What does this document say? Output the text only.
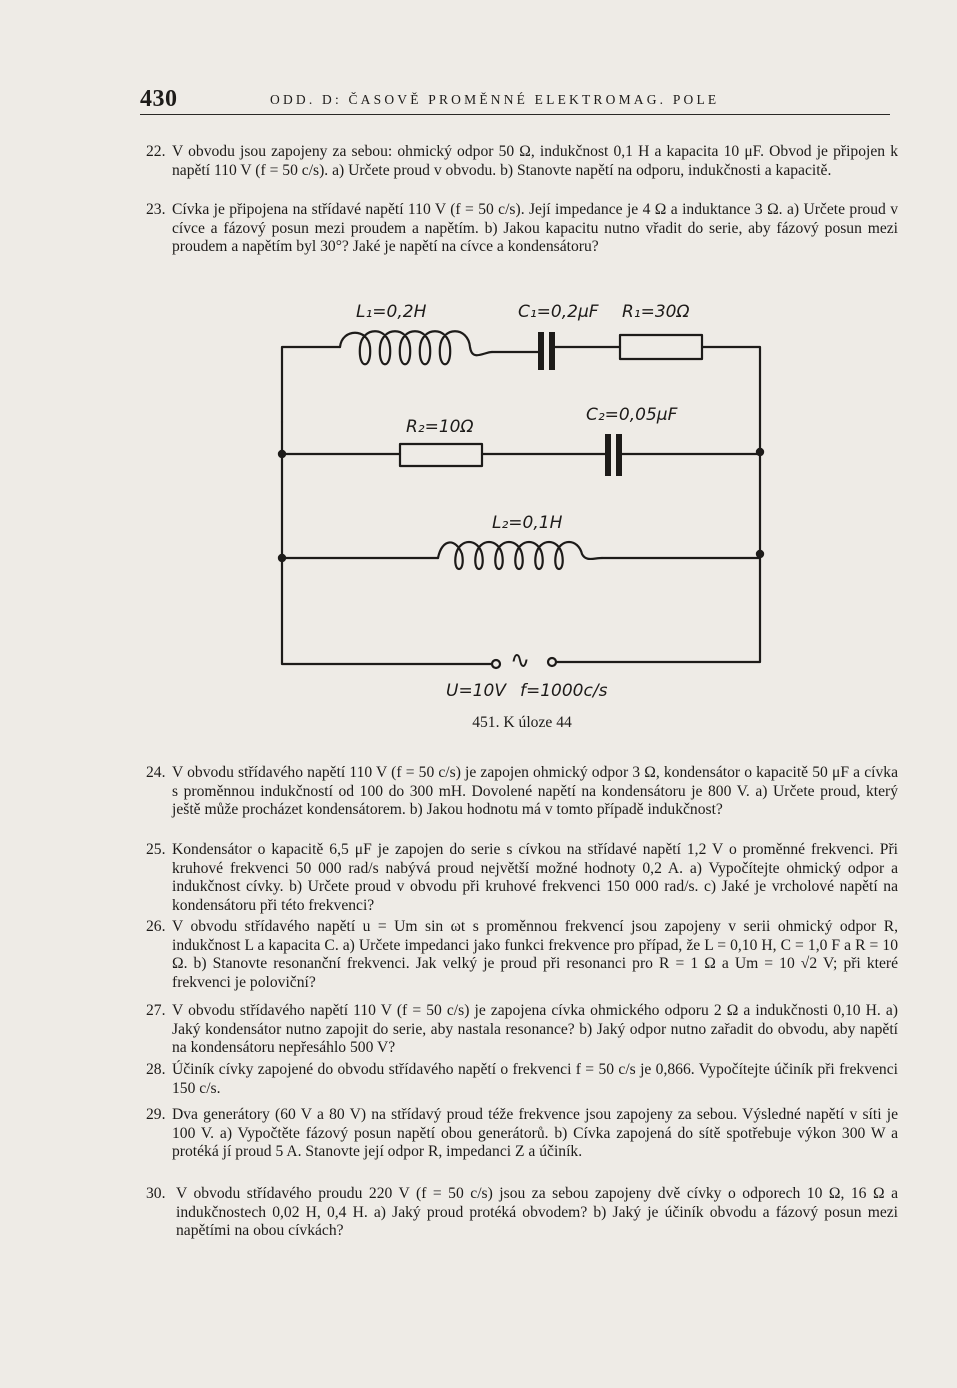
430	ODD. D: ČASOVĚ PROMĚNNÉ ELEKTROMAG. POLE
22. V obvodu jsou zapojeny za sebou: ohmický odpor 50 Ω, indukčnost 0,1 H a kapacita 10 μF. Obvod je připojen k napětí 110 V (f = 50 c/s). a) Určete proud v obvodu. b) Stanovte napětí na odporu, indukčnosti a kapacitě.
23. Cívka je připojena na střídavé napětí 110 V (f = 50 c/s). Její impedance je 4 Ω a induktance 3 Ω. a) Určete proud v cívce a fázový posun mezi proudem a napětím. b) Jakou kapacitu nutno vřadit do serie, aby fázový posun mezi proudem a napětím byl 30°? Jaké je napětí na cívce a kondensátoru?
L₁=0,2H	C₁=0,2μF R₁=30Ω
R₂=10Ω
C₂=0,05μF
L₂=0,1H
U=10V f=1000c/s
∿
451. K úloze 44
24. V obvodu střídavého napětí 110 V (f = 50 c/s) je zapojen ohmický odpor 3 Ω, kondensátor o kapacitě 50 μF a cívka s proměnnou indukčností od 100 do 300 mH. Dovolené napětí na kondensátoru je 800 V. a) Určete proud, který ještě může procházet kondensátorem. b) Jakou hodnotu má v tomto případě indukčnost?
25. Kondensátor o kapacitě 6,5 μF je zapojen do serie s cívkou na střídavé napětí 1,2 V o proměnné frekvenci. Při kruhové frekvenci 50 000 rad/s nabývá proud největší možné hodnoty 0,2 A. a) Vypočítejte ohmický odpor a indukčnost cívky. b) Určete proud v obvodu při kruhové frekvenci 150 000 rad/s. c) Jaké je vrcholové napětí na kondensátoru při této frekvenci?
26. V obvodu střídavého napětí u = Um sin ωt s proměnnou frekvencí jsou zapojeny v serii ohmický odpor R, indukčnost L a kapacita C. a) Určete impedanci jako funkci frekvence pro případ, že L = 0,10 H, C = 1,0 F a R = 10 Ω. b) Stanovte resonanční frekvenci. Jak velký je proud při resonanci pro R = 1 Ω a Um = 10 √2 V; při které frekvenci je poloviční?
27. V obvodu střídavého napětí 110 V (f = 50 c/s) je zapojena cívka ohmického odporu 2 Ω a indukčnosti 0,10 H. a) Jaký kondensátor nutno zapojit do serie, aby nastala resonance? b) Jaký odpor nutno zařadit do obvodu, aby napětí na kondensátoru nepřesáhlo 500 V?
28. Účiník cívky zapojené do obvodu střídavého napětí o frekvenci f = 50 c/s je 0,866. Vypočítejte účiník při frekvenci 150 c/s.
29. Dva generátory (60 V a 80 V) na střídavý proud téže frekvence jsou zapojeny za sebou. Výsledné napětí v síti je 100 V. a) Vypočtěte fázový posun napětí obou generátorů. b) Cívka zapojená do sítě spotřebuje výkon 300 W a protéká jí proud 5 A. Stanovte její odpor R, impedanci Z a účiník.
30. V obvodu střídavého proudu 220 V (f = 50 c/s) jsou za sebou zapojeny dvě cívky o odporech 10 Ω, 16 Ω a indukčnostech 0,02 H, 0,4 H. a) Jaký proud protéká obvodem? b) Jaký je účiník obvodu a fázový posun mezi napětími na obou cívkách?
